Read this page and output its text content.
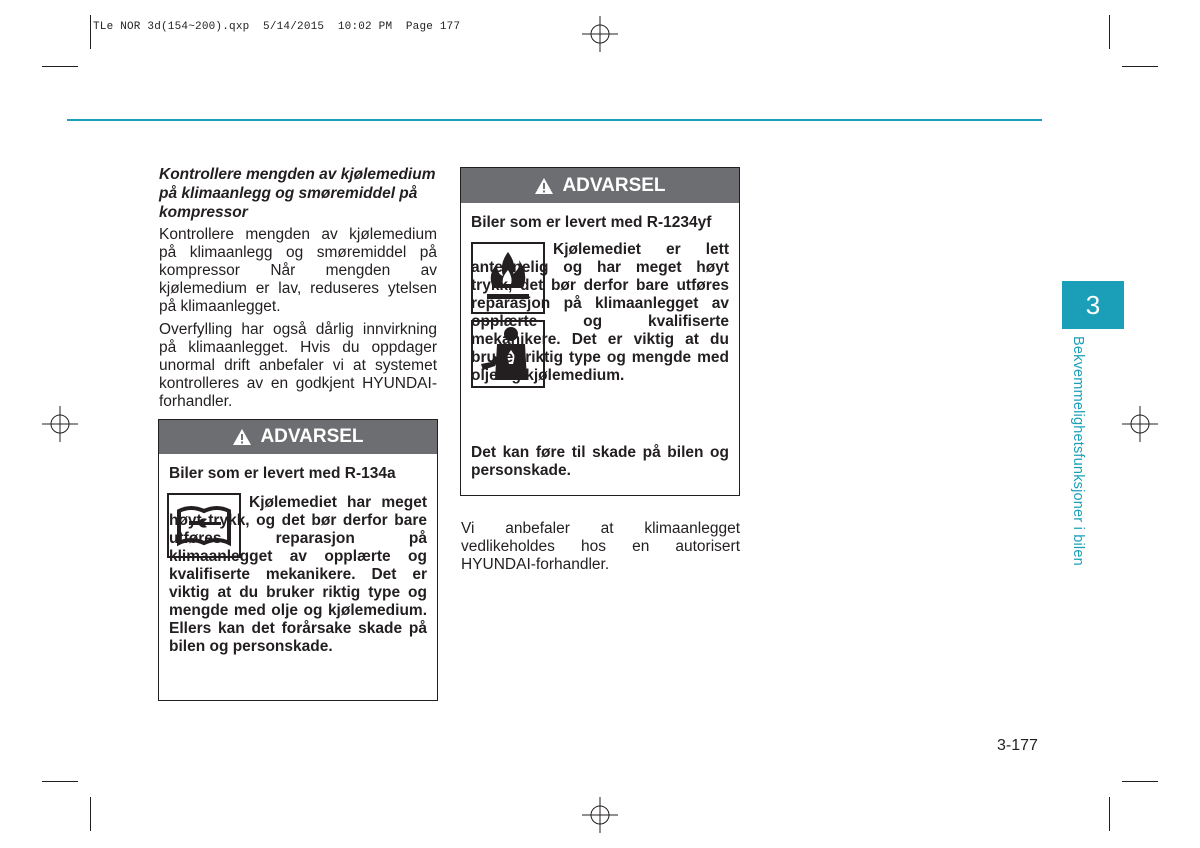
TLe NOR 3d(154~200).qxp  5/14/2015  10:02 PM  Page 177
Kontrollere mengden av kjølemedium på klimaanlegg og smøremiddel på kompressor
Kontrollere mengden av kjølemedium på klimaanlegg og smøremiddel på kompressor Når mengden av kjølemedium er lav, reduseres ytelsen på klimaanlegget.
Overfylling har også dårlig innvirkning på klimaanlegget. Hvis du oppdager unormal drift anbefaler vi at systemet kontrolleres av en godkjent HYUNDAI-forhandler.
ADVARSEL
Biler som er levert med R-134a
Kjølemediet har meget høyt trykk, og det bør derfor bare utføres reparasjon på klimaanlegget av opplærte og kvalifiserte mekanikere. Det er viktig at du bruker riktig type og mengde med olje og kjølemedium. Ellers kan det forårsake skade på bilen og personskade.
ADVARSEL
Biler som er levert med R-1234yf
Kjølemediet er lett antennelig og har meget høyt trykk, det bør derfor bare utføres reparasjon på klimaanlegget av opplærte og kvalifiserte mekanikere. Det er viktig at du bruker riktig type og mengde med olje og kjølemedium.
Det kan føre til skade på bilen og personskade.
Vi anbefaler at klimaanlegget vedlikeholdes hos en autorisert HYUNDAI-forhandler.
3
Bekvemmelighetsfunksjoner i bilen
3-177
